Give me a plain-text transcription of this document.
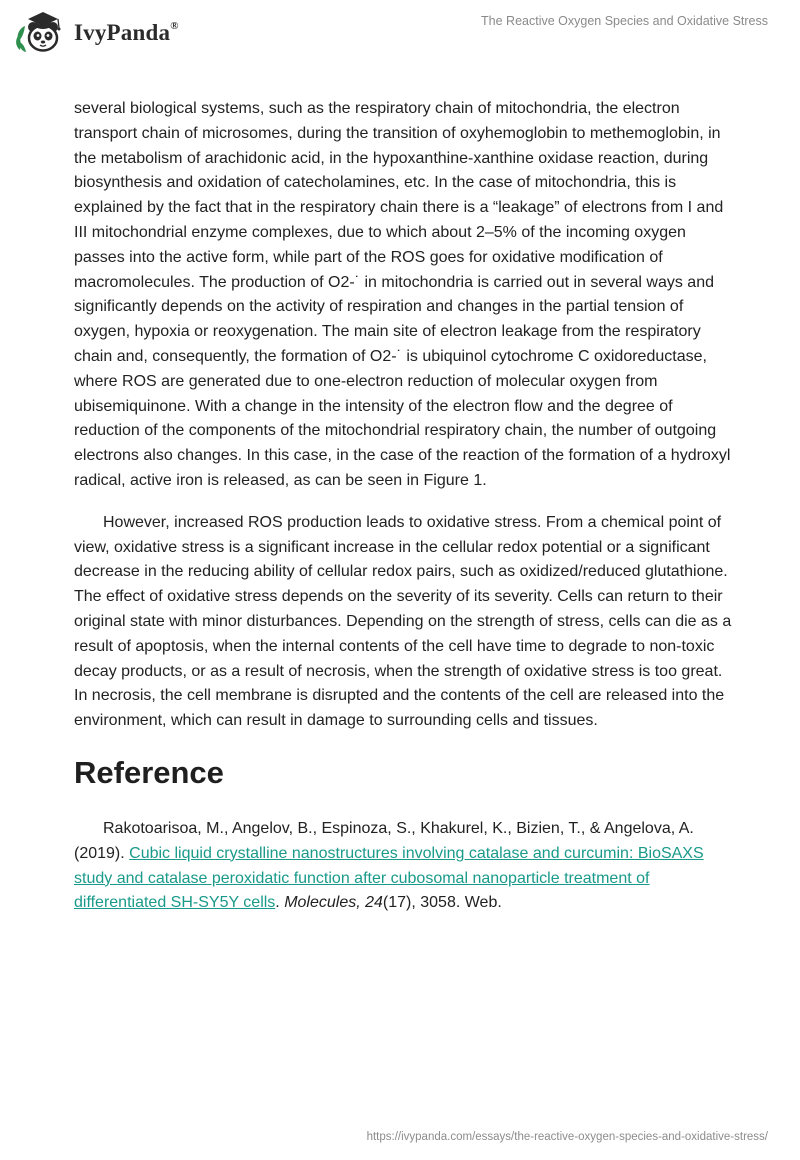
IvyPanda®	The Reactive Oxygen Species and Oxidative Stress

several biological systems, such as the respiratory chain of mitochondria, the electron transport chain of microsomes, during the transition of oxyhemoglobin to methemoglobin, in the metabolism of arachidonic acid, in the hypoxanthine-xanthine oxidase reaction, during biosynthesis and oxidation of catecholamines, etc. In the case of mitochondria, this is explained by the fact that in the respiratory chain there is a “leakage” of electrons from I and III mitochondrial enzyme complexes, due to which about 2–5% of the incoming oxygen passes into the active form, while part of the ROS goes for oxidative modification of macromolecules. The production of O2-˙ in mitochondria is carried out in several ways and significantly depends on the activity of respiration and changes in the partial tension of oxygen, hypoxia or reoxygenation. The main site of electron leakage from the respiratory chain and, consequently, the formation of O2-˙ is ubiquinol cytochrome C oxidoreductase, where ROS are generated due to one-electron reduction of molecular oxygen from ubisemiquinone. With a change in the intensity of the electron flow and the degree of reduction of the components of the mitochondrial respiratory chain, the number of outgoing electrons also changes. In this case, in the case of the reaction of the formation of a hydroxyl radical, active iron is released, as can be seen in Figure 1.

However, increased ROS production leads to oxidative stress. From a chemical point of view, oxidative stress is a significant increase in the cellular redox potential or a significant decrease in the reducing ability of cellular redox pairs, such as oxidized/reduced glutathione. The effect of oxidative stress depends on the severity of its severity. Cells can return to their original state with minor disturbances. Depending on the strength of stress, cells can die as a result of apoptosis, when the internal contents of the cell have time to degrade to non-toxic decay products, or as a result of necrosis, when the strength of oxidative stress is too great. In necrosis, the cell membrane is disrupted and the contents of the cell are released into the environment, which can result in damage to surrounding cells and tissues.

Reference

Rakotoarisoa, M., Angelov, B., Espinoza, S., Khakurel, K., Bizien, T., & Angelova, A. (2019). Cubic liquid crystalline nanostructures involving catalase and curcumin: BioSAXS study and catalase peroxidatic function after cubosomal nanoparticle treatment of differentiated SH-SY5Y cells. Molecules, 24(17), 3058. Web.

https://ivypanda.com/essays/the-reactive-oxygen-species-and-oxidative-stress/
